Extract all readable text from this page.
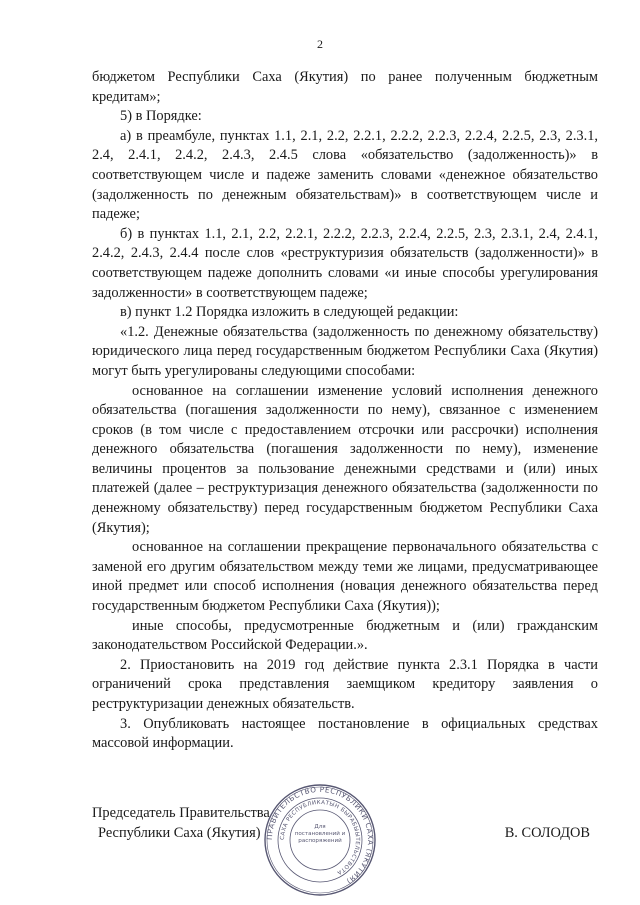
2

бюджетом Республики Саха (Якутия) по ранее полученным бюджетным кредитам»;

5) в Порядке:

а) в преамбуле, пунктах 1.1, 2.1, 2.2, 2.2.1, 2.2.2, 2.2.3, 2.2.4, 2.2.5, 2.3, 2.3.1, 2.4, 2.4.1, 2.4.2, 2.4.3, 2.4.5 слова «обязательство (задолженность)» в соответствующем числе и падеже заменить словами «денежное обязательство (задолженность по денежным обязательствам)» в соответствующем числе и падеже;

б) в пунктах 1.1, 2.1, 2.2, 2.2.1, 2.2.2, 2.2.3, 2.2.4, 2.2.5, 2.3, 2.3.1, 2.4, 2.4.1, 2.4.2, 2.4.3, 2.4.4 после слов «реструктуризия обязательств (задолженности)» в соответствующем падеже дополнить словами «и иные способы урегулирования задолженности» в соответствующем падеже;

в) пункт 1.2 Порядка изложить в следующей редакции:

«1.2. Денежные обязательства (задолженность по денежному обязательству) юридического лица перед государственным бюджетом Республики Саха (Якутия) могут быть урегулированы следующими способами:

основанное на соглашении изменение условий исполнения денежного обязательства (погашения задолженности по нему), связанное с изменением сроков (в том числе с предоставлением отсрочки или рассрочки) исполнения денежного обязательства (погашения задолженности по нему), изменение величины процентов за пользование денежными средствами и (или) иных платежей (далее – реструктуризация денежного обязательства (задолженности по денежному обязательству) перед государственным бюджетом Республики Саха (Якутия);

основанное на соглашении прекращение первоначального обязательства с заменой его другим обязательством между теми же лицами, предусматривающее иной предмет или способ исполнения (новация денежного обязательства перед государственным бюджетом Республики Саха (Якутия));

иные способы, предусмотренные бюджетным и (или) гражданским законодательством Российской Федерации.».

2. Приостановить на 2019 год действие пункта 2.3.1 Порядка в части ограничений срока представления заемщиком кредитору заявления о реструктуризации денежных обязательств.

3. Опубликовать настоящее постановление в официальных средствах массовой информации.

Председатель Правительства
Республики Саха (Якутия)	В. СОЛОДОВ
ПРАВИТЕЛЬСТВО РЕСПУБЛИКИ САХА (ЯКУТИЯ)
САХА РЕСПУБЛИКАТЫН БЫРАБЫЫТЕЛЬСТВОТА
Для постановлений и распоряжений
